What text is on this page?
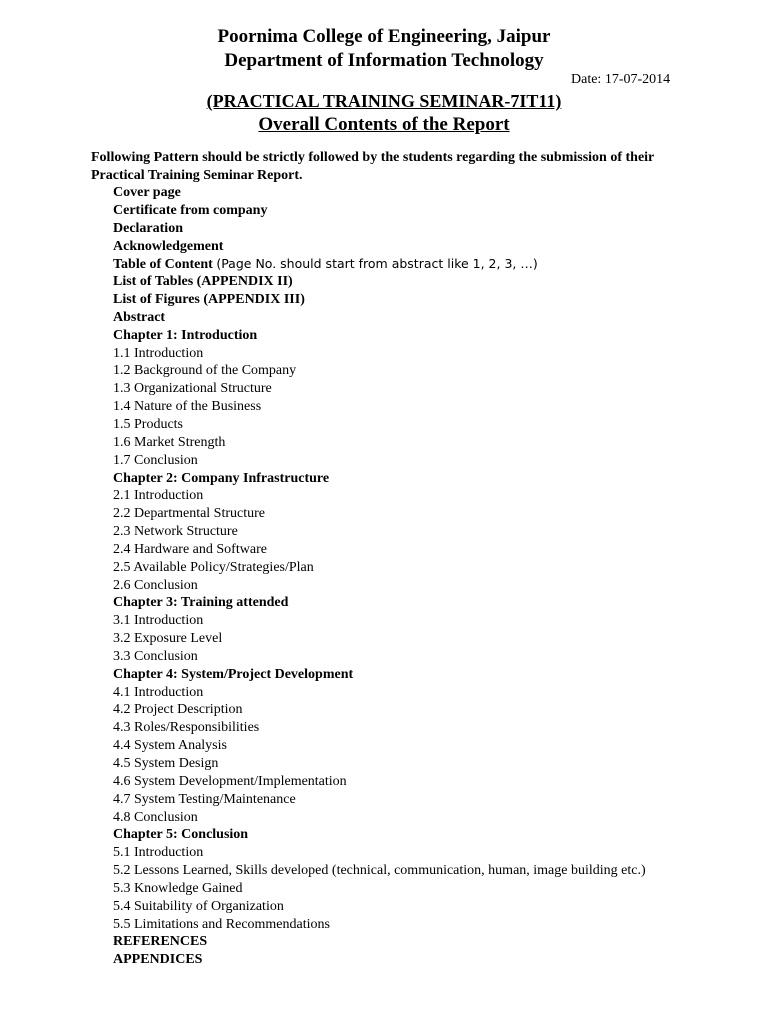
Poornima College of Engineering, Jaipur
Department of Information Technology
Date: 17-07-2014
(PRACTICAL TRAINING SEMINAR-7IT11)
Overall Contents of the Report
Following Pattern should be strictly followed by the students regarding the submission of their Practical Training Seminar Report.
Cover page
Certificate from company
Declaration
Acknowledgement
Table of Content (Page No. should start from abstract like 1, 2, 3, …)
List of Tables (APPENDIX II)
List of Figures (APPENDIX III)
Abstract
Chapter 1: Introduction
1.1 Introduction
1.2 Background of the Company
1.3 Organizational Structure
1.4 Nature of the Business
1.5 Products
1.6 Market Strength
1.7 Conclusion
Chapter 2: Company Infrastructure
2.1 Introduction
2.2 Departmental Structure
2.3 Network Structure
2.4 Hardware and Software
2.5 Available Policy/Strategies/Plan
2.6 Conclusion
Chapter 3: Training attended
3.1 Introduction
3.2 Exposure Level
3.3 Conclusion
Chapter 4: System/Project Development
4.1 Introduction
4.2 Project Description
4.3 Roles/Responsibilities
4.4 System Analysis
4.5 System Design
4.6 System Development/Implementation
4.7 System Testing/Maintenance
4.8 Conclusion
Chapter 5: Conclusion
5.1 Introduction
5.2 Lessons Learned, Skills developed (technical, communication, human, image building etc.)
5.3 Knowledge Gained
5.4 Suitability of Organization
5.5 Limitations and Recommendations
REFERENCES
APPENDICES
